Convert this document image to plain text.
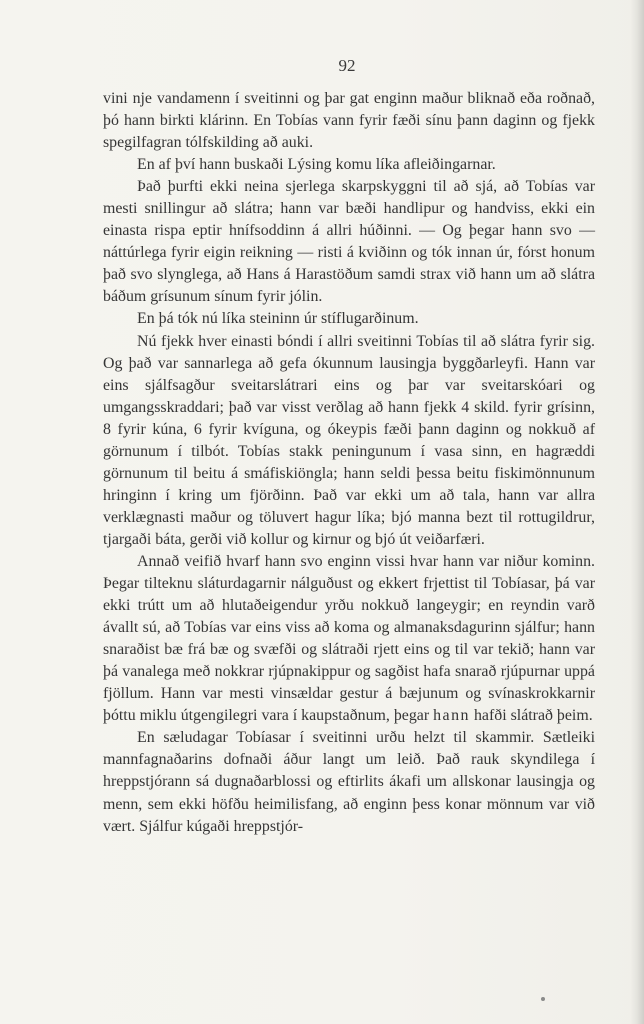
92

vini nje vandamenn í sveitinni og þar gat enginn maður bliknað eða roðnað, þó hann birkti klárinn. En Tobías vann fyrir fæði sínu þann daginn og fjekk spegilfagran tólfskilding að auki.

En af því hann buskaði Lýsing komu líka afleiðingarnar.

Það þurfti ekki neina sjerlega skarpskyggni til að sjá, að Tobías var mesti snillingur að slátra; hann var bæði handlipur og handviss, ekki ein einasta rispa eptir hnífsoddinn á allri húðinni. — Og þegar hann svo — náttúrlega fyrir eigin reikning — risti á kviðinn og tók innan úr, fórst honum það svo slynglega, að Hans á Harastöðum samdi strax við hann um að slátra báðum grísunum sínum fyrir jólin.

En þá tók nú líka steininn úr stíflugarðinum.

Nú fjekk hver einasti bóndi í allri sveitinni Tobías til að slátra fyrir sig. Og það var sannarlega að gefa ókunnum lausingja byggðarleyfi. Hann var eins sjálfsagður sveitarslátrari eins og þar var sveitarskóari og umgangsskraddari; það var visst verðlag að hann fjekk 4 skild. fyrir grísinn, 8 fyrir kúna, 6 fyrir kvíguna, og ókeypis fæði þann daginn og nokkuð af görnunum í tilbót. Tobías stakk peningunum í vasa sinn, en hagræddi görnunum til beitu á smáfiskiöngla; hann seldi þessa beitu fiskimönnunum hringinn í kring um fjörðinn. Það var ekki um að tala, hann var allra verklægnasti maður og töluvert hagur líka; bjó manna bezt til rottugildrur, tjargaði báta, gerði við kollur og kirnur og bjó út veiðarfæri.

Annað veifið hvarf hann svo enginn vissi hvar hann var niður kominn. Þegar tilteknu sláturdagarnir nálguðust og ekkert frjettist til Tobíasar, þá var ekki trútt um að hlutaðeigendur yrðu nokkuð langeygir; en reyndin varð ávallt sú, að Tobías var eins viss að koma og almanaksdagurinn sjálfur; hann snaraðist bæ frá bæ og svæfði og slátraði rjett eins og til var tekið; hann var þá vanalega með nokkrar rjúpnakippur og sagðist hafa snarað rjúpurnar uppá fjöllum. Hann var mesti vinsældar gestur á bæjunum og svínaskrokkarnir þóttu miklu útgengilegri vara í kaupstaðnum, þegar hann hafði slátrað þeim.

En sæludagar Tobíasar í sveitinni urðu helzt til skammir. Sætleiki mannfagnaðarins dofnaði áður langt um leið. Það rauk skyndilega í hreppstjórann sá dugnaðarblossi og eftirlits ákafi um allskonar lausingja og menn, sem ekki höfðu heimilisfang, að enginn þess konar mönnum var við vært. Sjálfur kúgaði hreppstjór-
